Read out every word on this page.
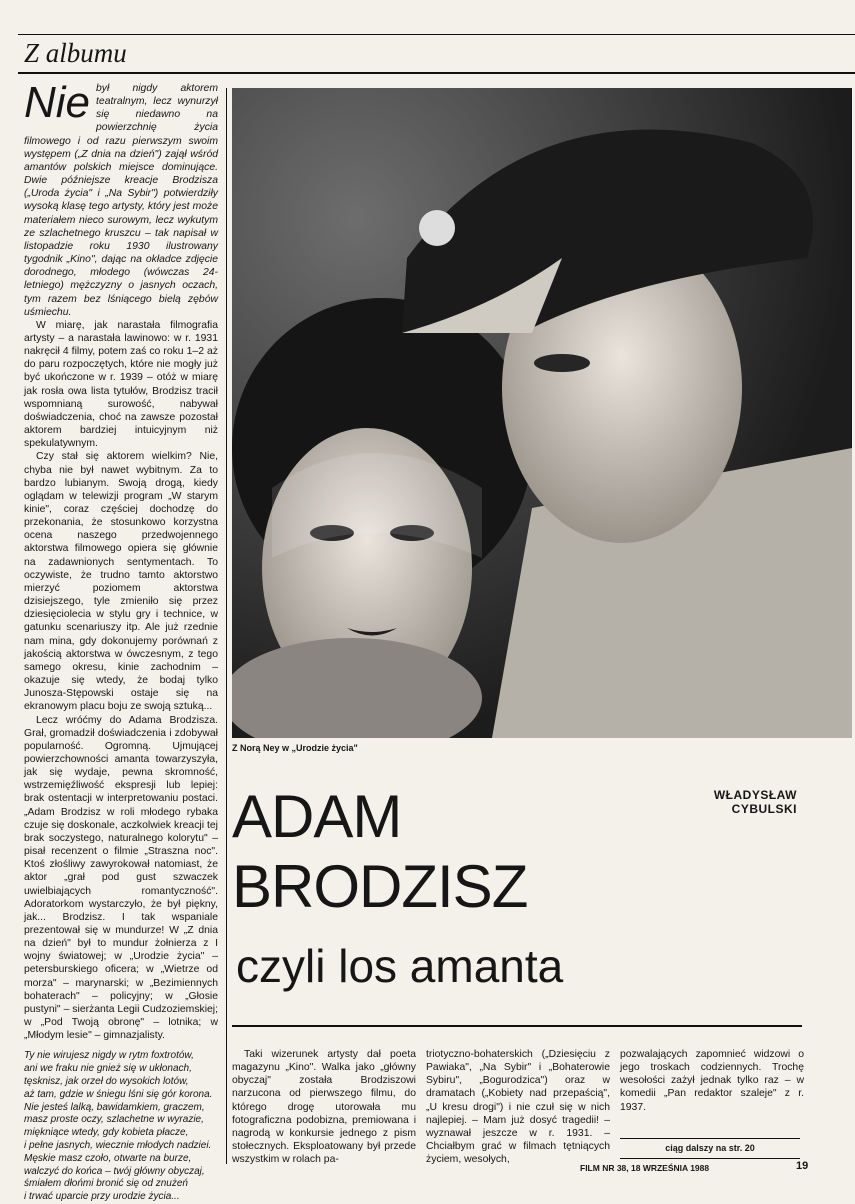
Z albumu

Nie był nigdy aktorem teatralnym, lecz wynurzył się niedawno na powierzchnię życia filmowego i od razu pierwszym swoim występem („Z dnia na dzień") zajął wśród amantów polskich miejsce dominujące. Dwie późniejsze kreacje Brodzisza („Uroda życia" i „Na Sybir") potwierdziły wysoką klasę tego artysty, który jest może materiałem nieco surowym, lecz wykutym ze szlachetnego kruszcu – tak napisał w listopadzie roku 1930 ilustrowany tygodnik „Kino", dając na okładce zdjęcie dorodnego, młodego (wówczas 24-letniego) mężczyzny o jasnych oczach, tym razem bez lśniącego bielą zębów uśmiechu.

W miarę, jak narastała filmografia artysty – a narastała lawinowo: w r. 1931 nakręcił 4 filmy, potem zaś co roku 1–2 aż do paru rozpoczętych, które nie mogły już być ukończone w r. 1939 – otóż w miarę jak rosła owa lista tytułów, Brodzisz tracił wspomnianą surowość, nabywał doświadczenia, choć na zawsze pozostał aktorem bardziej intuicyjnym niż spekulatywnym.

Czy stał się aktorem wielkim? Nie, chyba nie był nawet wybitnym. Za to bardzo lubianym. Swoją drogą, kiedy oglądam w telewizji program „W starym kinie", coraz częściej dochodzę do przekonania, że stosunkowo korzystna ocena naszego przedwojennego aktorstwa filmowego opiera się głównie na zadawnionych sentymentach. To oczywiste, że trudno tamto aktorstwo mierzyć poziomem aktorstwa dzisiejszego, tyle zmieniło się przez dziesięciolecia w stylu gry i technice, w gatunku scenariuszy itp. Ale już rzednie nam mina, gdy dokonujemy porównań z jakością aktorstwa w ówczesnym, z tego samego okresu, kinie zachodnim – okazuje się wtedy, że bodaj tylko Junosza-Stępowski ostaje się na ekranowym placu boju ze swoją sztuką...

Lecz wróćmy do Adama Brodzisza. Grał, gromadził doświadczenia i zdobywał popularność. Ogromną. Ujmującej powierzchowności amanta towarzyszyła, jak się wydaje, pewna skromność, wstrzemięźliwość ekspresji lub lepiej: brak ostentacji w interpretowaniu postaci. „Adam Brodzisz w roli młodego rybaka czuje się doskonale, aczkolwiek kreacji tej brak soczystego, naturalnego kolorytu" – pisał recenzent o filmie „Straszna noc". Ktoś złośliwy zawyrokował natomiast, że aktor „grał pod gust szwaczek uwielbiających romantyczność". Adoratorkom wystarczyło, że był piękny, jak... Brodzisz. I tak wspaniale prezentował się w mundurze! W „Z dnia na dzień" był to mundur żołnierza z I wojny światowej; w „Urodzie życia" – petersburskiego oficera; w „Wietrze od morza" – marynarski; w „Bezimiennych bohaterach" – policyjny; w „Głosie pustyni" – sierżanta Legii Cudzoziemskiej; w „Pod Twoją obronę" – lotnika; w „Młodym lesie" – gimnazjalisty.

Ty nie wirujesz nigdy w rytm foxtrotów,
ani we fraku nie gnież się w ukłonach,
tęsknisz, jak orzeł do wysokich lotów,
aż tam, gdzie w śniegu lśni się gór korona.
Nie jesteś lalką, bawidamkiem, graczem,
masz proste oczy, szlachetne w wyrazie,
miękniące wtedy, gdy kobieta płacze,
i pełne jasnych, wiecznie młodych nadziei.
Męskie masz czoło, otwarte na burze,
walczyć do końca – twój główny obyczaj,
śmiałem dłońmi bronić się od znużeń
i trwać uparcie przy urodzie życia...
Z Norą Ney w „Urodzie życia"
WŁADYSŁAW
CYBULSKI
ADAM
BRODZISZ
czyli los amanta

Taki wizerunek artysty dał poeta magazynu „Kino". Walka jako „główny obyczaj" została Brodziszowi narzucona od pierwszego filmu, do którego drogę utorowała mu fotograficzna podobizna, premiowana i nagrodą w konkursie jednego z pism stołecznych. Eksploatowany był przede wszystkim w rolach pa-

triotyczno-bohaterskich („Dziesięciu z Pawiaka", „Na Sybir" i „Bohaterowie Sybiru", „Bogurodzica") oraz w dramatach („Kobiety nad przepaścią", „U kresu drogi") i nie czuł się w nich najlepiej. – Mam już dosyć tragedii! – wyznawał jeszcze w r. 1931. – Chciałbym grać w filmach tętniących życiem, wesołych,

pozwalających zapomnieć widzowi o jego troskach codziennych. Trochę wesołości zażył jednak tylko raz – w komedii „Pan redaktor szaleje" z r. 1937.

ciąg dalszy na str. 20
FILM NR 38, 18 WRZEŚNIA 1988	19
